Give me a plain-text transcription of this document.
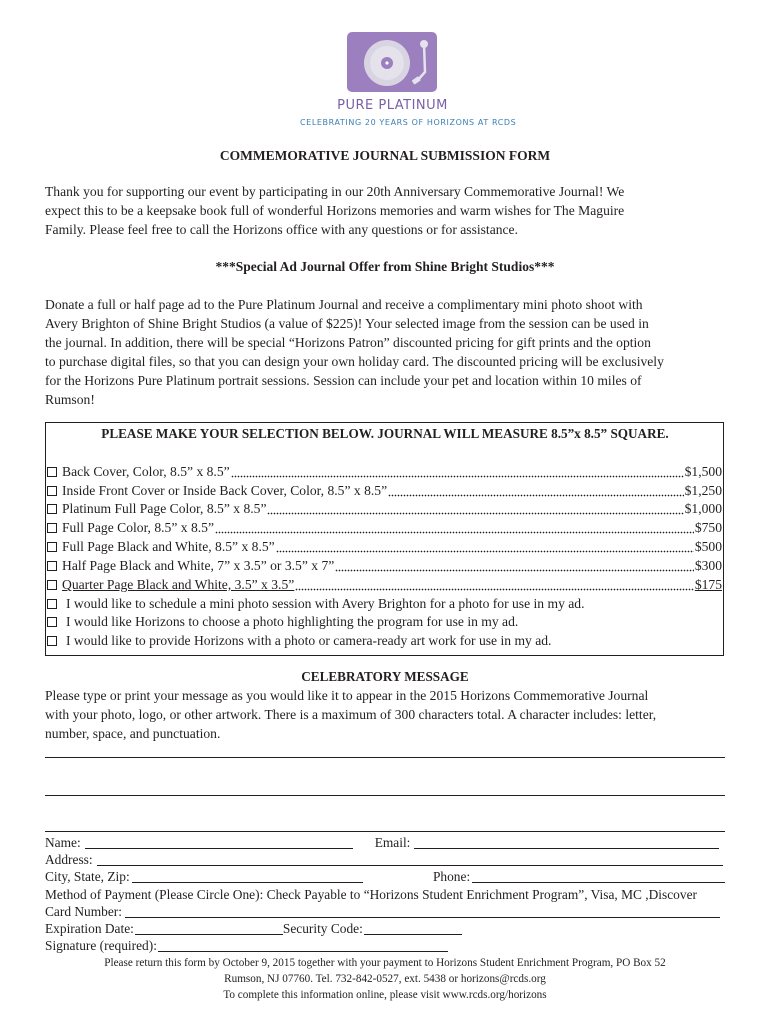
PURE PLATINUM
CELEBRATING 20 YEARS OF HORIZONS AT RCDS
COMMEMORATIVE JOURNAL SUBMISSION FORM
Thank you for supporting our event by participating in our 20th Anniversary Commemorative Journal! We
expect this to be a keepsake book full of wonderful Horizons memories and warm wishes for The Maguire
Family. Please feel free to call the Horizons office with any questions or for assistance.
***Special Ad Journal Offer from Shine Bright Studios***
Donate a full or half page ad to the Pure Platinum Journal and receive a complimentary mini photo shoot with
Avery Brighton of Shine Bright Studios (a value of $225)! Your selected image from the session can be used in
the journal. In addition, there will be special “Horizons Patron” discounted pricing for gift prints and the option
to purchase digital files, so that you can design your own holiday card. The discounted pricing will be exclusively
for the Horizons Pure Platinum portrait sessions. Session can include your pet and location within 10 miles of
Rumson!
PLEASE MAKE YOUR SELECTION BELOW. JOURNAL WILL MEASURE 8.5”x 8.5” SQUARE.
Back Cover, Color, 8.5” x 8.5”	$1,500
Inside Front Cover or Inside Back Cover, Color, 8.5” x 8.5”	$1,250
Platinum Full Page Color, 8.5” x 8.5”	$1,000
Full Page Color, 8.5” x 8.5”	$750
Full Page Black and White, 8.5” x 8.5”	$500
Half Page Black and White, 7” x 3.5” or 3.5” x 7”	$300
Quarter Page Black and White, 3.5” x 3.5”	$175
I would like to schedule a mini photo session with Avery Brighton for a photo for use in my ad.
I would like Horizons to choose a photo highlighting the program for use in my ad.
I would like to provide Horizons with a photo or camera-ready art work for use in my ad.
CELEBRATORY MESSAGE
Please type or print your message as you would like it to appear in the 2015 Horizons Commemorative Journal
with your photo, logo, or other artwork. There is a maximum of 300 characters total. A character includes: letter,
number, space, and punctuation.
Name:	Email:
Address:
City, State, Zip:	Phone:
Method of Payment (Please Circle One): Check Payable to “Horizons Student Enrichment Program”, Visa, MC ,Discover
Card Number:
Expiration Date:	Security Code:
Signature (required):
Please return this form by October 9, 2015 together with your payment to Horizons Student Enrichment Program, PO Box 52
Rumson, NJ 07760. Tel. 732-842-0527, ext. 5438 or horizons@rcds.org
To complete this information online, please visit www.rcds.org/horizons
